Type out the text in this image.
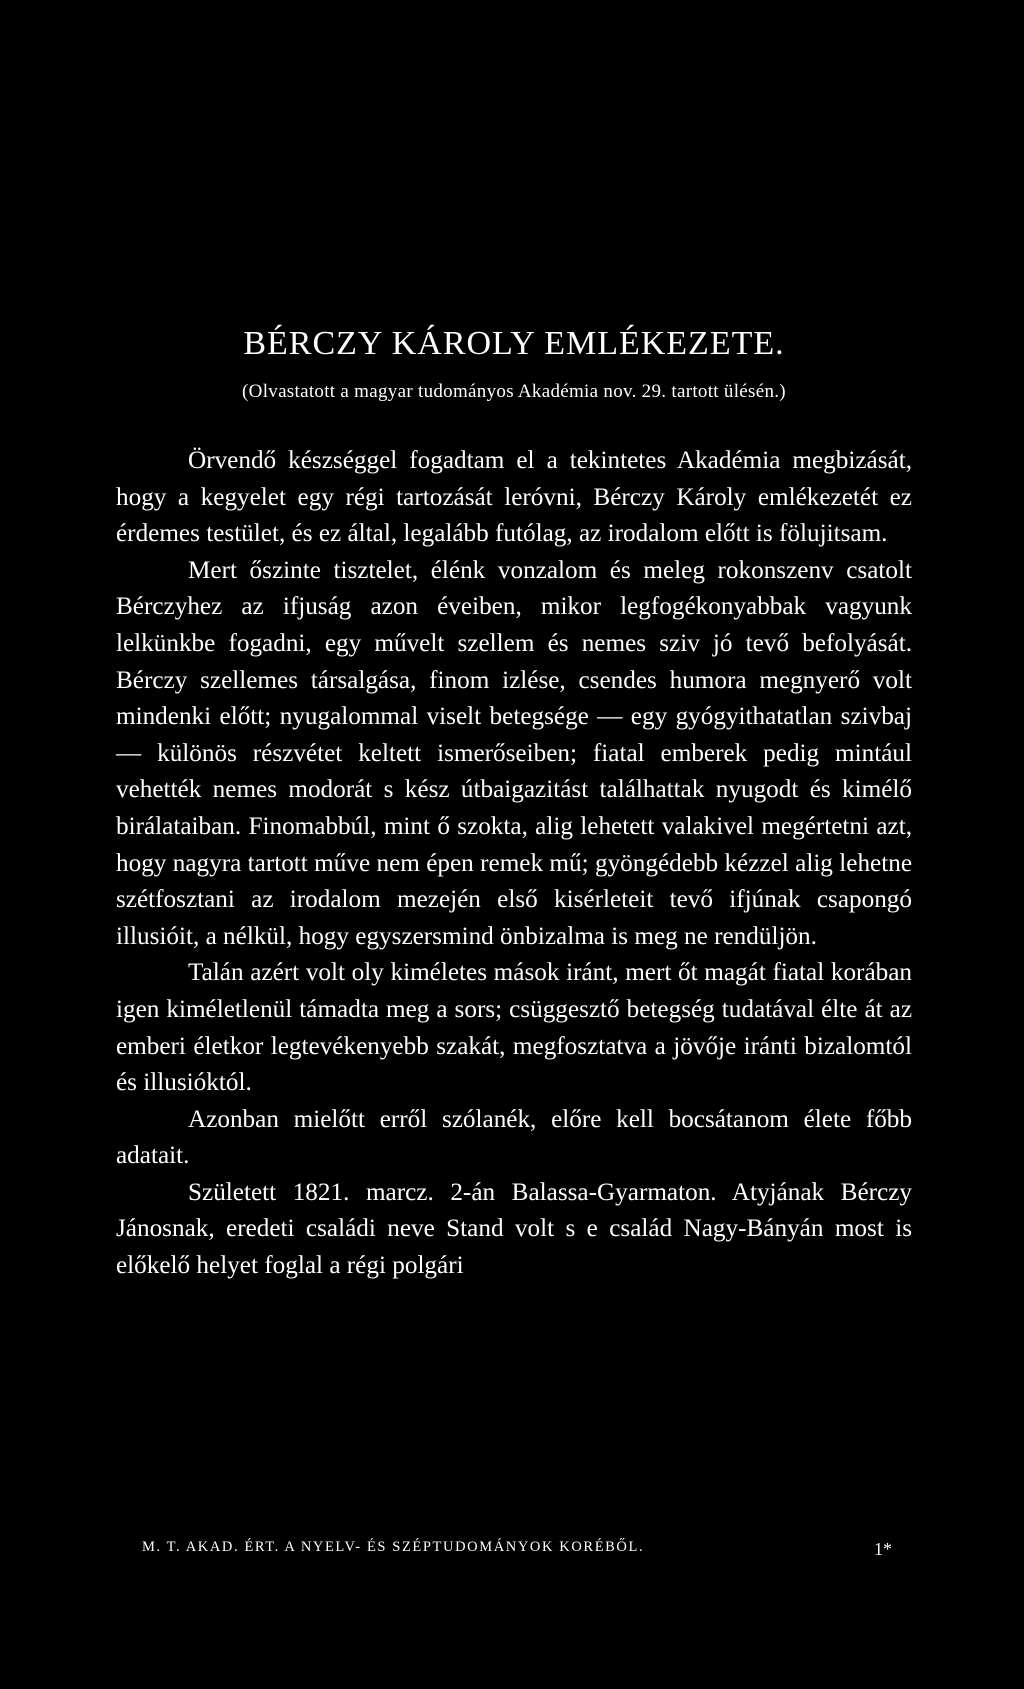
BÉRCZY KÁROLY EMLÉKEZETE.
(Olvastatott a magyar tudományos Akadémia nov. 29. tartott ülésén.)

Örvendő készséggel fogadtam el a tekintetes Akadémia megbizását, hogy a kegyelet egy régi tartozását leróvni, Bérczy Károly emlékezetét ez érdemes testület, és ez által, legalább futólag, az irodalom előtt is fölujitsam.

Mert őszinte tisztelet, élénk vonzalom és meleg rokonszenv csatolt Bérczyhez az ifjuság azon éveiben, mikor legfogékonyabbak vagyunk lelkünkbe fogadni, egy művelt szellem és nemes sziv jó tevő befolyását. Bérczy szellemes társalgása, finom izlése, csendes humora megnyerő volt mindenki előtt; nyugalommal viselt betegsége — egy gyógyithatatlan szivbaj — különös részvétet keltett ismerőseiben; fiatal emberek pedig mintául vehették nemes modorát s kész útbaigazitást találhattak nyugodt és kimélő birálataiban. Finomabbúl, mint ő szokta, alig lehetett valakivel megértetni azt, hogy nagyra tartott műve nem épen remek mű; gyöngédebb kézzel alig lehetne szétfosztani az irodalom mezején első kisérleteit tevő ifjúnak csapongó illusióit, a nélkül, hogy egyszersmind önbizalma is meg ne rendüljön.

Talán azért volt oly kiméletes mások iránt, mert őt magát fiatal korában igen kiméletlenül támadta meg a sors; csüggesztő betegség tudatával élte át az emberi életkor legtevékenyebb szakát, megfosztatva a jövője iránti bizalomtól és illusióktól.

Azonban mielőtt erről szólanék, előre kell bocsátanom élete főbb adatait.

Született 1821. marcz. 2-án Balassa-Gyarmaton. Atyjának Bérczy Jánosnak, eredeti családi neve Stand volt s e család Nagy-Bányán most is előkelő helyet foglal a régi polgári

M. T. AKAD. ÉRT. A NYELV- ÉS SZÉPTUDOMÁNYOK KORÉBŐL.	1*
